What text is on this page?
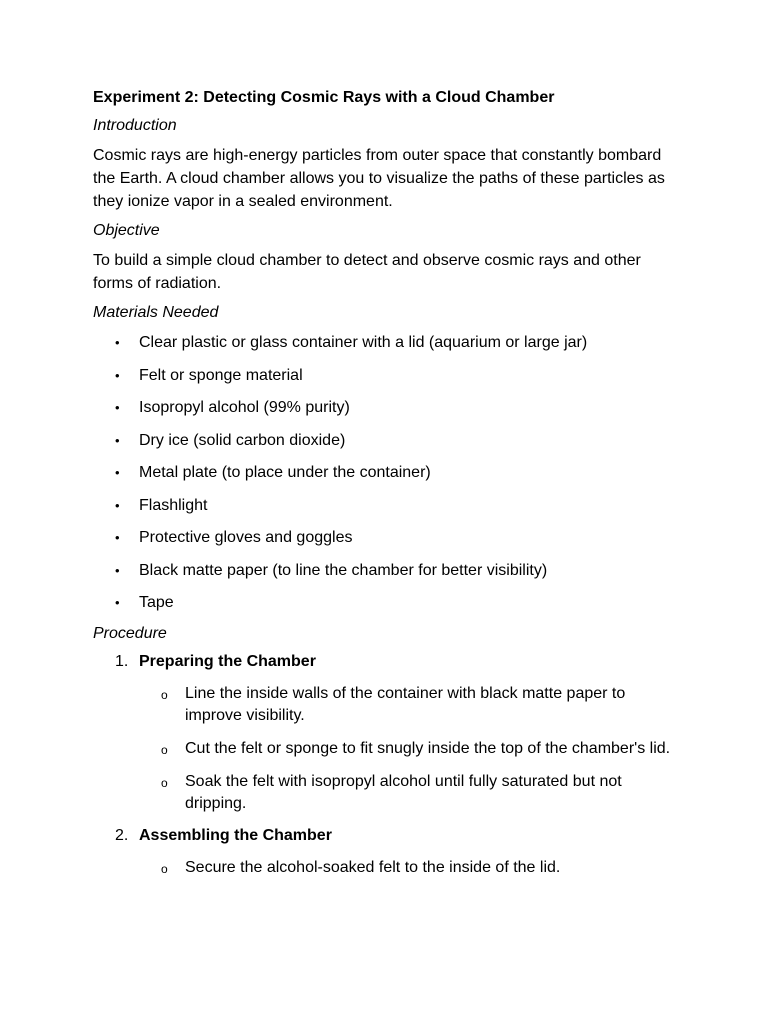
Experiment 2: Detecting Cosmic Rays with a Cloud Chamber
Introduction
Cosmic rays are high-energy particles from outer space that constantly bombard the Earth. A cloud chamber allows you to visualize the paths of these particles as they ionize vapor in a sealed environment.
Objective
To build a simple cloud chamber to detect and observe cosmic rays and other forms of radiation.
Materials Needed
• Clear plastic or glass container with a lid (aquarium or large jar)
• Felt or sponge material
• Isopropyl alcohol (99% purity)
• Dry ice (solid carbon dioxide)
• Metal plate (to place under the container)
• Flashlight
• Protective gloves and goggles
• Black matte paper (to line the chamber for better visibility)
• Tape
Procedure
1. Preparing the Chamber
o Line the inside walls of the container with black matte paper to improve visibility.
o Cut the felt or sponge to fit snugly inside the top of the chamber's lid.
o Soak the felt with isopropyl alcohol until fully saturated but not dripping.
2. Assembling the Chamber
o Secure the alcohol-soaked felt to the inside of the lid.
